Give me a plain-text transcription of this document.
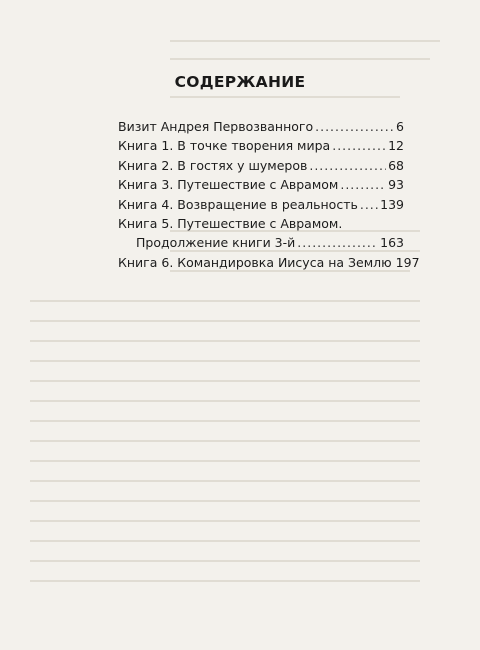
СОДЕРЖАНИЕ
Визит Андрея Первозванного .....	6
Книга 1. В точке творения мира .....	12
Книга 2. В гостях у шумеров .....	68
Книга 3. Путешествие с Аврамом .....	93
Книга 4. Возвращение в реальность ..... 139
Книга 5. Путешествие с Аврамом.
Продолжение книги 3-й .....	163
Книга 6. Командировка Иисуса на Землю 197
